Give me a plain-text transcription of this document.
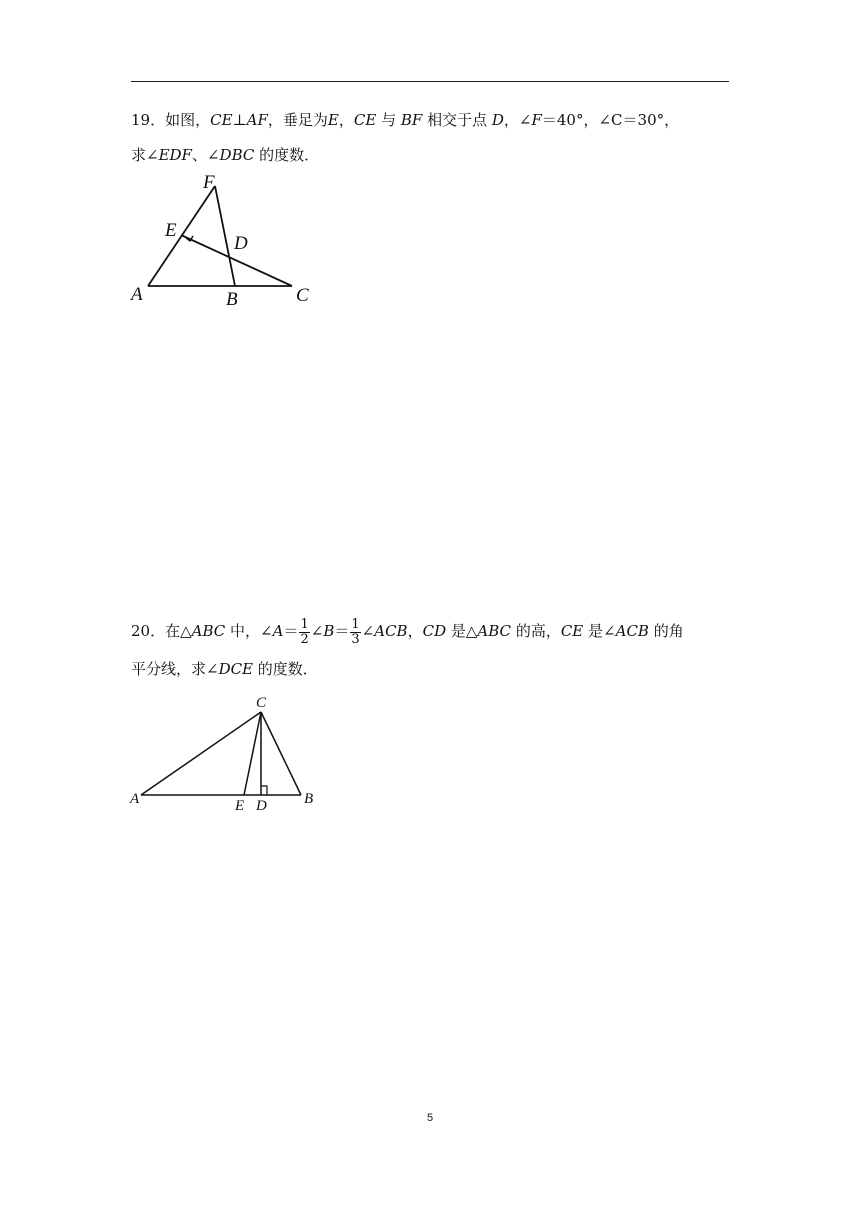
19．如图，CE⊥AF，垂足为E，CE 与 BF 相交于点 D，∠F＝40°，∠C＝30°，
求∠EDF、∠DBC 的度数．
F
E
D
A	B	C
C
A	E D B
20．在△ABC 中，∠A＝ $\frac{1}{2}$ ∠B＝ $\frac{1}{3}$ ∠ACB，CD 是△ABC 的高，CE 是∠ACB 的角
平分线，求∠DCE 的度数．
5
